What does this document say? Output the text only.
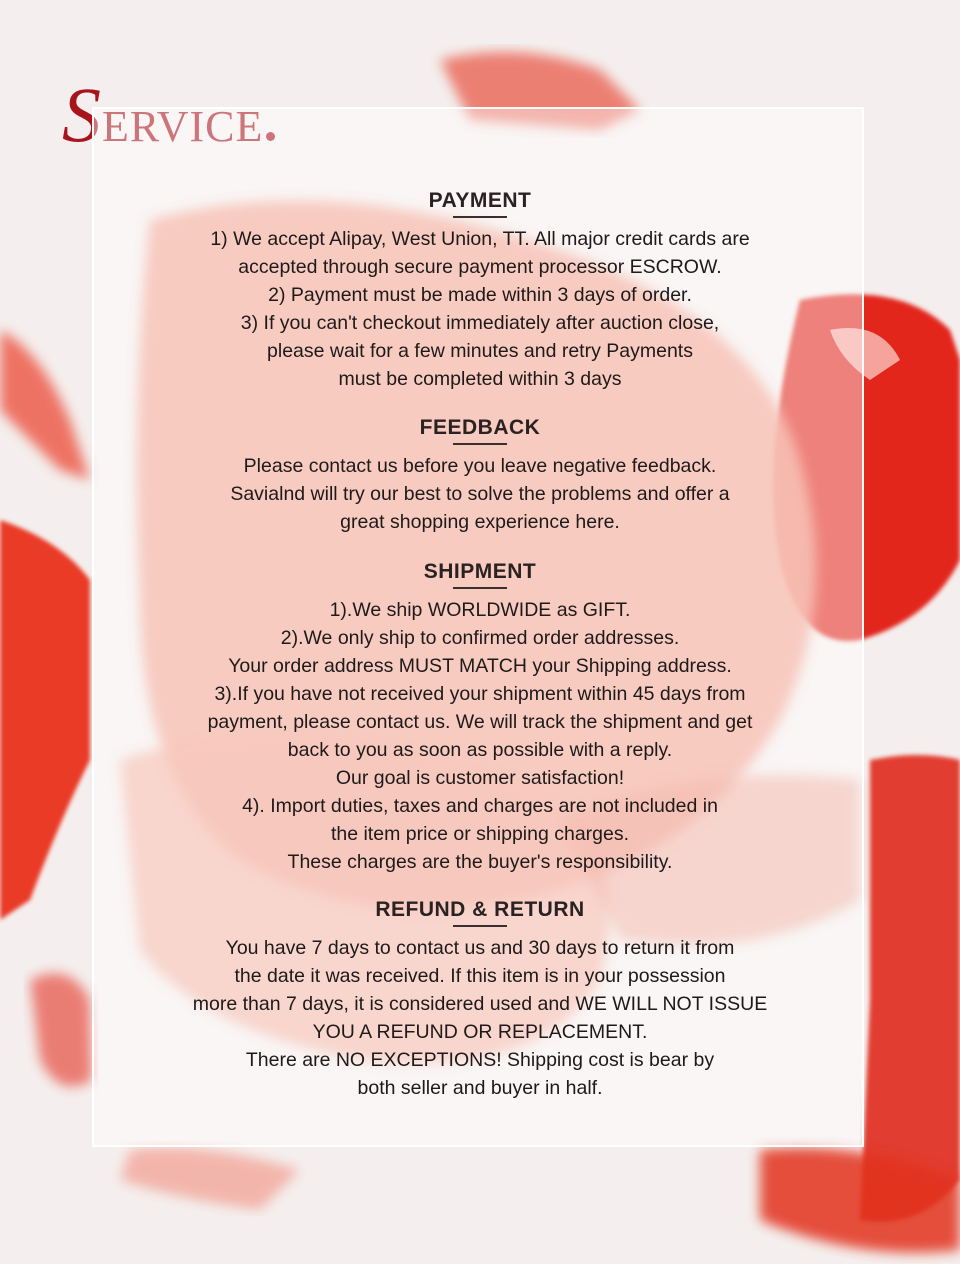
SERVICE
PAYMENT
1) We accept Alipay, West Union, TT. All major credit cards are
accepted through secure payment processor ESCROW.
2) Payment must be made within 3 days of order.
3) If you can't checkout immediately after auction close,
please wait for a few minutes and retry Payments
must be completed within 3 days
FEEDBACK
Please contact us before you leave negative feedback.
Savialnd will try our best to solve the problems and offer a
great shopping experience here.
SHIPMENT
1).We ship WORLDWIDE as GIFT.
2).We only ship to confirmed order addresses.
Your order address MUST MATCH your Shipping address.
3).If you have not received your shipment within 45 days from
payment, please contact us. We will track the shipment and get
back to you as soon as possible with a reply.
Our goal is customer satisfaction!
4). Import duties, taxes and charges are not included in
the item price or shipping charges.
These charges are the buyer's responsibility.
REFUND & RETURN
You have 7 days to contact us and 30 days to return it from
the date it was received. If this item is in your possession
more than 7 days, it is considered used and WE WILL NOT ISSUE
YOU A REFUND OR REPLACEMENT.
There are NO EXCEPTIONS! Shipping cost is bear by
both seller and buyer in half.
